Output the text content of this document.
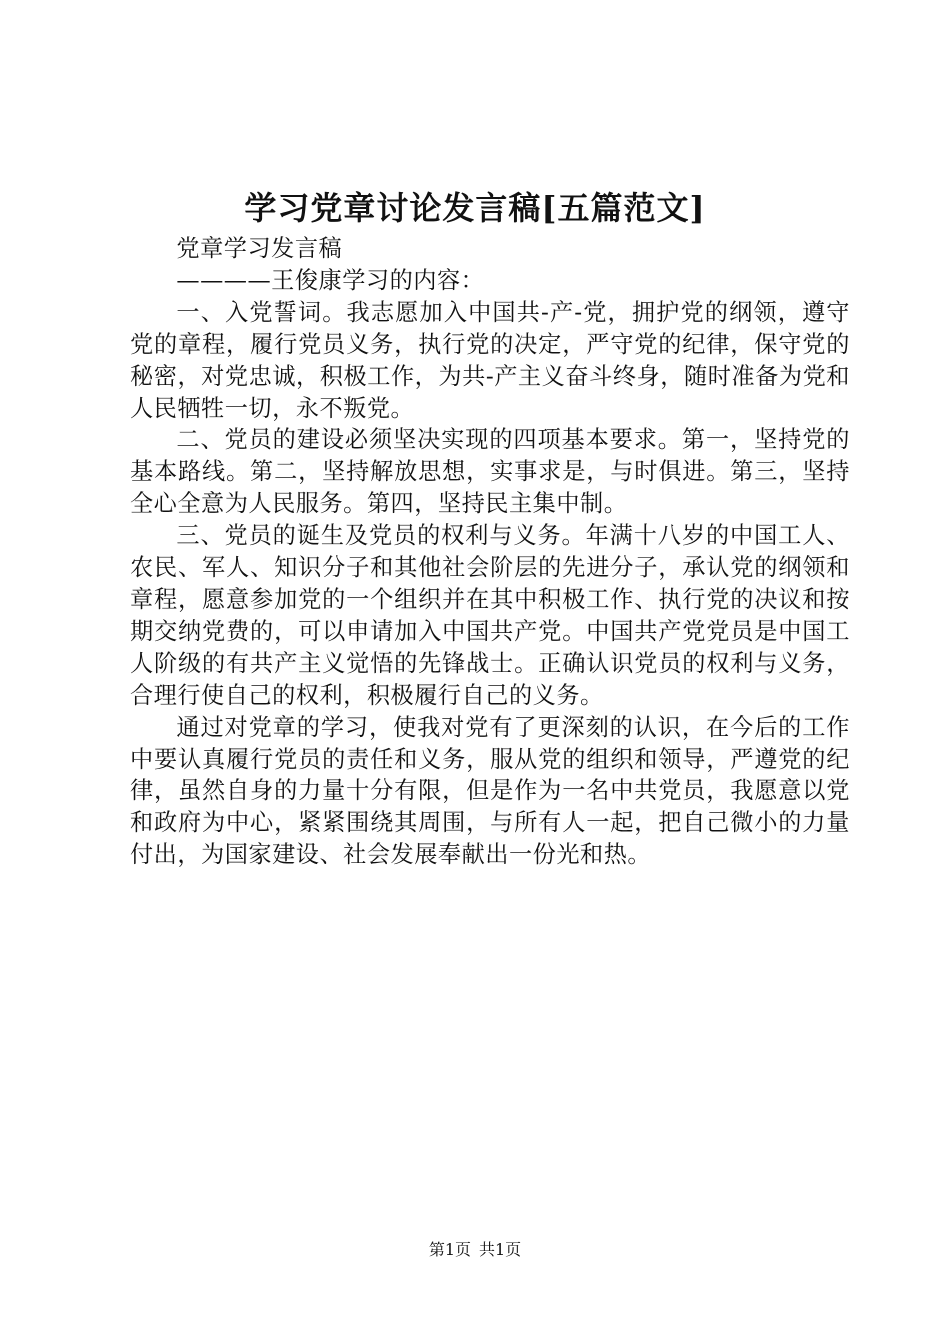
学习党章讨论发言稿[五篇范文]

党章学习发言稿

————王俊康学习的内容：

一、入党誓词。我志愿加入中国共-产-党，拥护党的纲领，遵守党的章程，履行党员义务，执行党的决定，严守党的纪律，保守党的秘密，对党忠诚，积极工作，为共-产主义奋斗终身，随时准备为党和人民牺牲一切，永不叛党。

二、党员的建设必须坚决实现的四项基本要求。第一，坚持党的基本路线。第二，坚持解放思想，实事求是，与时俱进。第三，坚持全心全意为人民服务。第四，坚持民主集中制。

三、党员的诞生及党员的权利与义务。年满十八岁的中国工人、农民、军人、知识分子和其他社会阶层的先进分子，承认党的纲领和章程，愿意参加党的一个组织并在其中积极工作、执行党的决议和按期交纳党费的，可以申请加入中国共产党。中国共产党党员是中国工人阶级的有共产主义觉悟的先锋战士。正确认识党员的权利与义务，合理行使自己的权利，积极履行自己的义务。

通过对党章的学习，使我对党有了更深刻的认识，在今后的工作中要认真履行党员的责任和义务，服从党的组织和领导，严遵党的纪律，虽然自身的力量十分有限，但是作为一名中共党员，我愿意以党和政府为中心，紧紧围绕其周围，与所有人一起，把自己微小的力量付出，为国家建设、社会发展奉献出一份光和热。

第1页 共1页
